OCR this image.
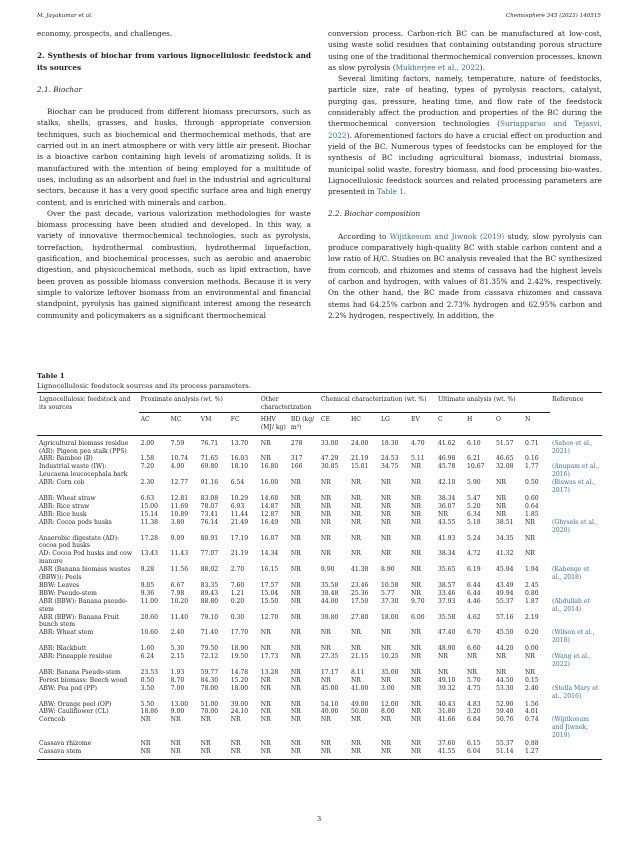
M. Jayakumar et al.	Chemosphere 345 (2023) 140515

economy, prospects, and challenges.

2. Synthesis of biochar from various lignocellulosic feedstock and its sources

2.1. Biochar

Biochar can be produced from different biomass precursors, such as stalks, shells, grasses, and husks, through appropriate conversion techniques, such as biochemical and thermochemical methods, that are carried out in an inert atmosphere or with very little air present. Biochar is a bioactive carbon containing high levels of aromatizing solids. It is manufactured with the intention of being employed for a multitude of uses, including as an adsorbent and fuel in the industrial and agricultural sectors, because it has a very good specific surface area and high energy content, and is enriched with minerals and carbon.

Over the past decade, various valorization methodologies for waste biomass processing have been studied and developed. In this way, a variety of innovative thermochemical technologies, such as pyrolysis, torrefaction, hydrothermal combustion, hydrothermal liquefaction, gasification, and biochemical processes, such as aerobic and anaerobic digestion, and physicochemical methods, such as lipid extraction, have been proven as possible biomass conversion methods. Because it is very simple to valorize leftover biomass from an environmental and financial standpoint, pyrolysis has gained significant interest among the research community and policymakers as a significant thermochemical

conversion process. Carbon-rich BC can be manufactured at low-cost, using waste solid residues that containing outstanding porous structure using one of the traditional thermochemical conversion processes, known as slow pyrolysis (Mukherjee et al., 2022).

Several limiting factors, namely, temperature, nature of feedstocks, particle size, rate of heating, types of pyrolysis reactors, catalyst, purging gas, pressure, heating time, and flow rate of the feedstock considerably affect the production and properties of the BC during the thermochemical conversion technologies (Suriapparao and Tejasvi, 2022). Aforementioned factors do have a crucial effect on production and yield of the BC. Numerous types of feedstocks can be employed for the synthesis of BC including agricultural biomass, industrial biomass, municipal solid waste, forestry biomass, and food processing bio-wastes. Lignocellulosic feedstock sources and related processing parameters are presented in Table 1.

2.2. Biochar composition

According to Wijitkosum and Jiwnok (2019) study, slow pyrolysis can produce comparatively high-quality BC with stable carbon content and a low ratio of H/C. Studies on BC analysis revealed that the BC synthesized from corncob, and rhizomes and stems of cassava had the highest levels of carbon and hydrogen, with values of 81.35% and 2.42%, respectively. On the other hand, the BC made from cassava rhizomes and cassava stems had 64.25% carbon and 2.73% hydrogen and 62.95% carbon and 2.2% hydrogen, respectively. In addition, the

Table 1
Lignocellulosic feedstock sources and its process parameters.
Lignocellulosic feedstock and its sources	Proximate analysis (wt. %)				Other characterization		Chemical characterization (wt. %)				Ultimate analysis (wt. %)				Reference
	AC	MC	VM	FC	HHV (MJ/ kg)	BD (kg/ m³)	CE	HC	LG	EV	C	H	O	N	
Agricultural biomass residue (AR): Pigeon pea stalk (PPS)	2.00	7.59	76.71	13.70	NR	278	33.00	24.00	18.30	4.70	41.62	6.10	51.57	0.71	(Sahoo et al., 2021)
ABR: Bamboo (B)	1.58	10.74	71.65	16.03	NR	317	47.29	21.19	24.53	5.11	46.98	6.21	46.65	0.16	
Industrial waste (IW): Leucaena leucocephala bark	7.20	4.90	69.80	18.10	16.80	166	30.85	15.01	34.75	NR	45.78	10.67	32.08	1.77	(Anupam et al., 2016)
ABR: Corn cob	2.30	12.77	91.16	6.54	16.00	NR	NR	NR	NR	NR	42.10	5.90	NR	0.50	(Biswas et al., 2017)
ABR: Wheat straw	6.63	12.81	83.08	10.29	14.68	NR	NR	NR	NR	NR	38.34	5.47	NR	0.60	
ABR: Rice straw	15.00	11.69	78.07	6.93	14.87	NR	NR	NR	NR	NR	36.07	5.20	NR	0.64	
ABR: Rice husk	15.14	10.89	73.41	11.44	12.87	NR	NR	NR	NR	NR	NR	6.34	NR	1.85	
ABR: Cocoa pods husks	11.38	3.80	76.14	21.49	16.49	NR	NR	NR	NR	NR	43.55	5.18	38.51	NR	(Ghysels et al., 2020)
Anaerobic digestate (AD): cocoa pod husks	17.28	9.09	80.91	17.19	16.07	NR	NR	NR	NR	NR	41.93	5.24	34.35	NR	
AD: Cocoa Pod husks and cow manure	13.43	11.43	77.07	21.19	14.34	NR	NR	NR	NR	NR	38.34	4.72	41.32	NR	
ABR (Banana biomass wastes (BBW)): Peels	9.28	11.56	88.02	2.70	16.15	NR	9.90	41.38	8.90	NR	35.65	6.19	45.94	1.94	(Kabenge et al., 2018)
BBW: Leaves	9.05	6.67	83.35	7.60	17.57	NR	35.58	23.46	10.58	NR	38.57	6.44	43.49	2.45	
BBW: Pseudo-stem	9.36	7.98	89.43	1.21	15.04	NR	38.48	25.36	5.77	NR	33.46	6.44	49.94	0.80	
ABR (BBW): Banana pseudo-stem	11.00	10.20	88.80	0.20	15.50	NR	44.00	17.50	37.30	9.70	37.93	4.46	55.37	1.87	(Abdullah et al., 2014)
ABR (BBW): Banana Fruit bunch stem	20.60	11.40	79.10	0.30	12.70	NR	39.80	27.80	18.00	6.00	35.58	4.62	57.16	2.19	
ABR: Wheat stem	10.60	2.40	71.40	17.70	NR	NR	NR	NR	NR	NR	47.40	6.70	45.50	0.20	(Wilson et al., 2018)
ABR: Blackbutt	1.60	5.30	79.50	18.90	NR	NR	NR	NR	NR	NR	48.90	6.60	44.20	0.00	
ABR: Pineapple residue	6.24	2.15	72.12	19.50	17.73	NR	27.35	21.15	10.25	NR	NR	NR	NR	NR	(Wang et al., 2022)
ABR: Banana Pseudo-stem	23.53	1.93	59.77	14.78	13.28	NR	17.17	8.11	35.00	NR	NR	NR	NR	NR	
Forest biomass: Beech wood	0.50	8.70	84.30	15.20	NR	NR	NR	NR	NR	NR	49.10	5.70	44.50	0.15	
ABW: Pea pod (PP)	3.50	7.00	78.00	18.00	NR	NR	45.00	41.00	3.00	NR	39.32	4.75	53.30	2.40	(Stella Mary et al., 2016)
ABW: Orange peel (OP)	5.50	13.00	51.00	39.00	NR	NR	54.10	49.00	12.00	NR	40.43	4.83	52.90	1.56	
ABW: Cauliflower (CL)	18.86	9.00	70.00	24.10	NR	NR	40.00	50.00	8.00	NR	31.80	3.20	59.40	4.01	
Corncob	NR	NR	NR	NR	NR	NR	NR	NR	NR	NR	41.66	6.84	50.76	0.74	(Wijitkosum and Jiwnok, 2019)
Cassava rhizome	NR	NR	NR	NR	NR	NR	NR	NR	NR	NR	37.60	6.15	55.37	0.88	
Cassava stem	NR	NR	NR	NR	NR	NR	NR	NR	NR	NR	41.55	6.04	51.14	1.27	
3
